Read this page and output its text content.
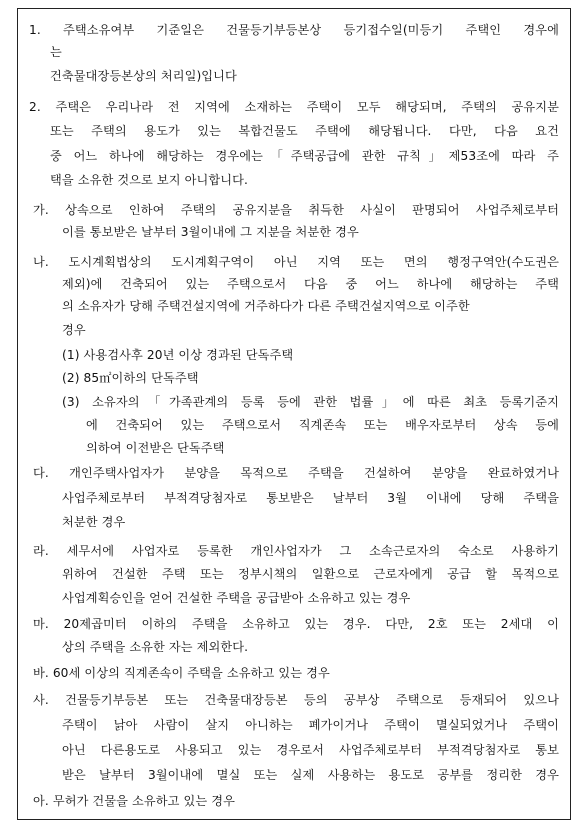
1. 주택소유여부 기준일은 건물등기부등본상 등기접수일(미등기 주택인 경우에
는
건축물대장등본상의 처리일)입니다
2. 주택은 우리나라 전 지역에 소재하는 주택이 모두 해당되며, 주택의 공유지분
또는 주택의 용도가 있는 복합건물도 주택에 해당됩니다. 다만, 다음 요건
중 어느 하나에 해당하는 경우에는「주택공급에 관한 규칙」제53조에 따라 주
택을 소유한 것으로 보지 아니합니다.
가. 상속으로 인하여 주택의 공유지분을 취득한 사실이 판명되어 사업주체로부터
이를 통보받은 날부터 3월이내에 그 지분을 처분한 경우
나. 도시계획법상의 도시계획구역이 아닌 지역 또는 면의 행정구역안(수도권은
제외)에 건축되어 있는 주택으로서 다음 중 어느 하나에 해당하는 주택
의 소유자가 당해 주택건설지역에 거주하다가 다른 주택건설지역으로 이주한
경우
(1) 사용검사후 20년 이상 경과된 단독주택
(2) 85㎡이하의 단독주택
(3) 소유자의「가족관계의 등록 등에 관한 법률」에 따른 최초 등록기준지
에 건축되어 있는 주택으로서 직계존속 또는 배우자로부터 상속 등에
의하여 이전받은 단독주택
다. 개인주택사업자가 분양을 목적으로 주택을 건설하여 분양을 완료하였거나
사업주체로부터 부적격당첨자로 통보받은 날부터 3월 이내에 당해 주택을
처분한 경우
라. 세무서에 사업자로 등록한 개인사업자가 그 소속근로자의 숙소로 사용하기
위하여 건설한 주택 또는 정부시책의 일환으로 근로자에게 공급 할 목적으로
사업계획승인을 얻어 건설한 주택을 공급받아 소유하고 있는 경우
마. 20제곱미터 이하의 주택을 소유하고 있는 경우. 다만, 2호 또는 2세대 이
상의 주택을 소유한 자는 제외한다.
바. 60세 이상의 직계존속이 주택을 소유하고 있는 경우
사. 건물등기부등본 또는 건축물대장등본 등의 공부상 주택으로 등재되어 있으나
주택이 낡아 사람이 살지 아니하는 폐가이거나 주택이 멸실되었거나 주택이
아닌 다른용도로 사용되고 있는 경우로서 사업주체로부터 부적격당첨자로 통보
받은 날부터 3월이내에 멸실 또는 실제 사용하는 용도로 공부를 정리한 경우
아. 무허가 건물을 소유하고 있는 경우
